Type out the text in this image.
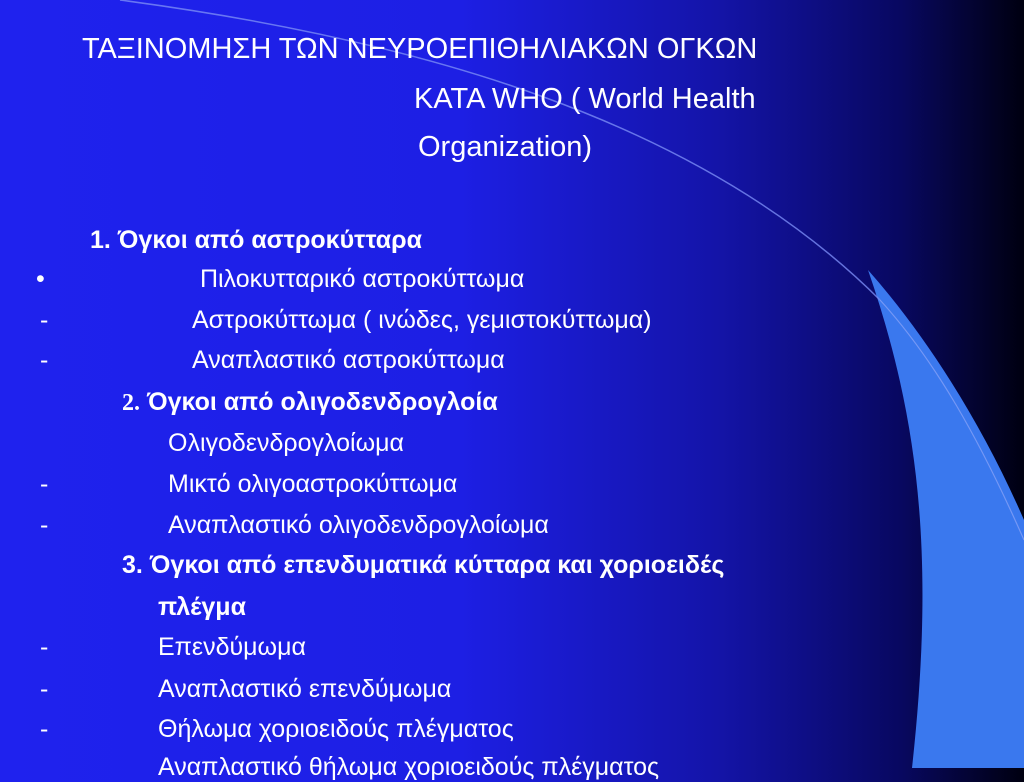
ΤΑΞΙΝΟΜΗΣΗ ΤΩΝ ΝΕΥΡΟΕΠΙΘΗΛΙΑΚΩΝ ΟΓΚΩΝ
ΚΑΤΑ WHO ( World Health
Organization)
1. Όγκοι από αστροκύτταρα
•	Πιλοκυτταρικό αστροκύττωμα
-	Αστροκύττωμα ( ινώδες, γεμιστοκύττωμα)
-	Αναπλαστικό αστροκύττωμα
2. Όγκοι από ολιγοδενδρογλοία
Ολιγοδενδρογλοίωμα
-	Μικτό ολιγοαστροκύττωμα
-	Αναπλαστικό ολιγοδενδρογλοίωμα
3. Όγκοι από επενδυματικά κύτταρα και χοριοειδές
πλέγμα
-	Επενδύμωμα
-	Αναπλαστικό επενδύμωμα
-	Θήλωμα χοριοειδούς πλέγματος
Αναπλαστικό θήλωμα χοριοειδούς πλέγματος
